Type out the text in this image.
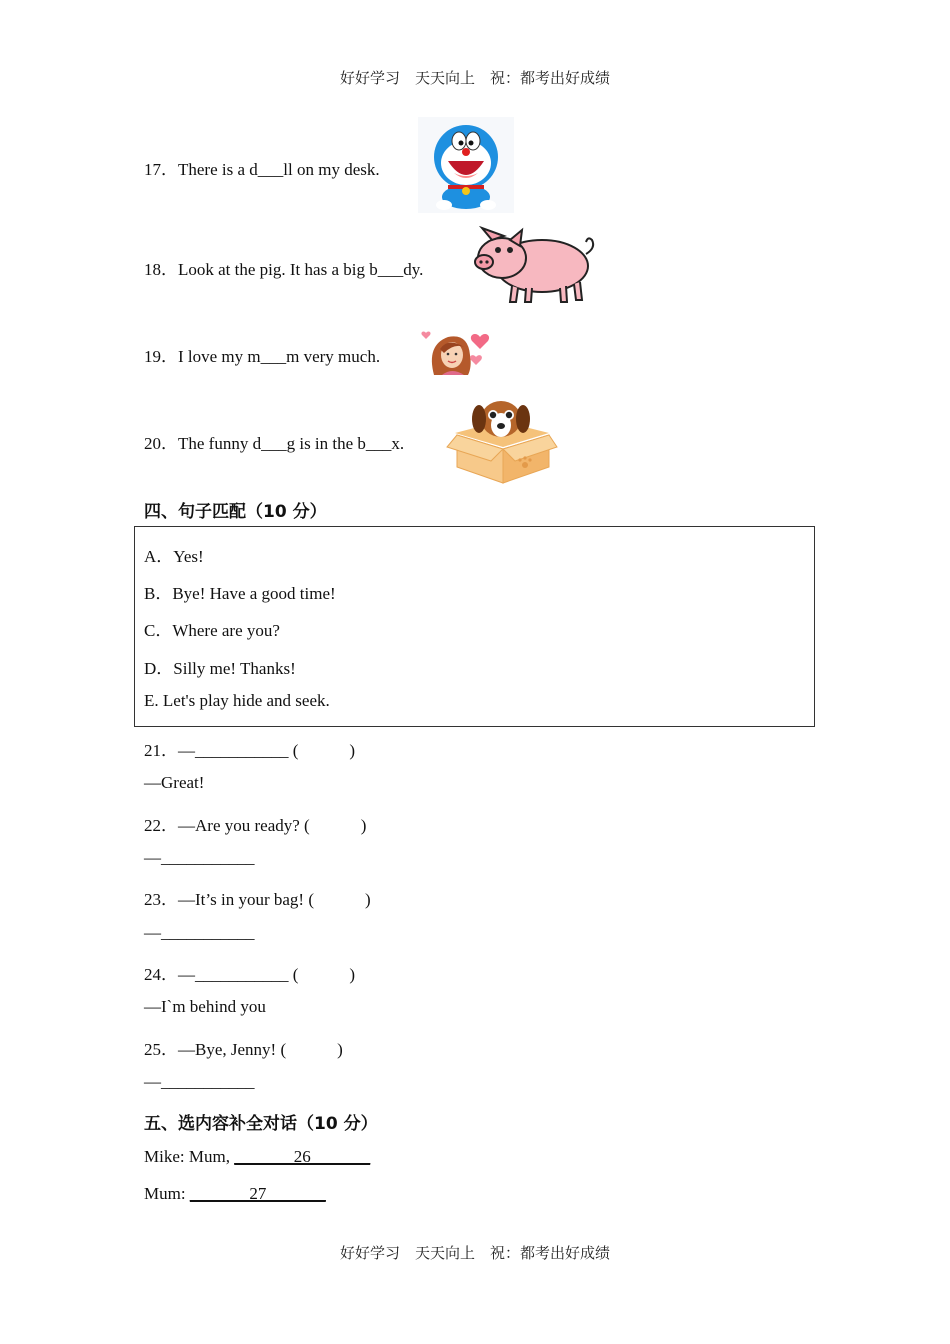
好好学习　天天向上　祝：都考出好成绩
17．There is a d___ll on my desk.
18．Look at the pig. It has a big b___dy.
19．I love my m___m very much.
20．The funny d___g is in the b___x.
四、句子匹配（10 分）
A．Yes!
B．Bye! Have a good time!
C．Where are you?
D．Silly me! Thanks!
E. Let's play hide and seek.
21．—___________ (　　　)
—Great!
22．—Are you ready? (　　　)
—___________
23．—It’s in your bag! (　　　)
—___________
24．—___________ (　　　)
—I`m behind you
25．—Bye, Jenny! (　　　)
—___________
五、选内容补全对话（10 分）
Mike: Mum, _______26_______
Mum: _______27_______
好好学习　天天向上　祝：都考出好成绩
